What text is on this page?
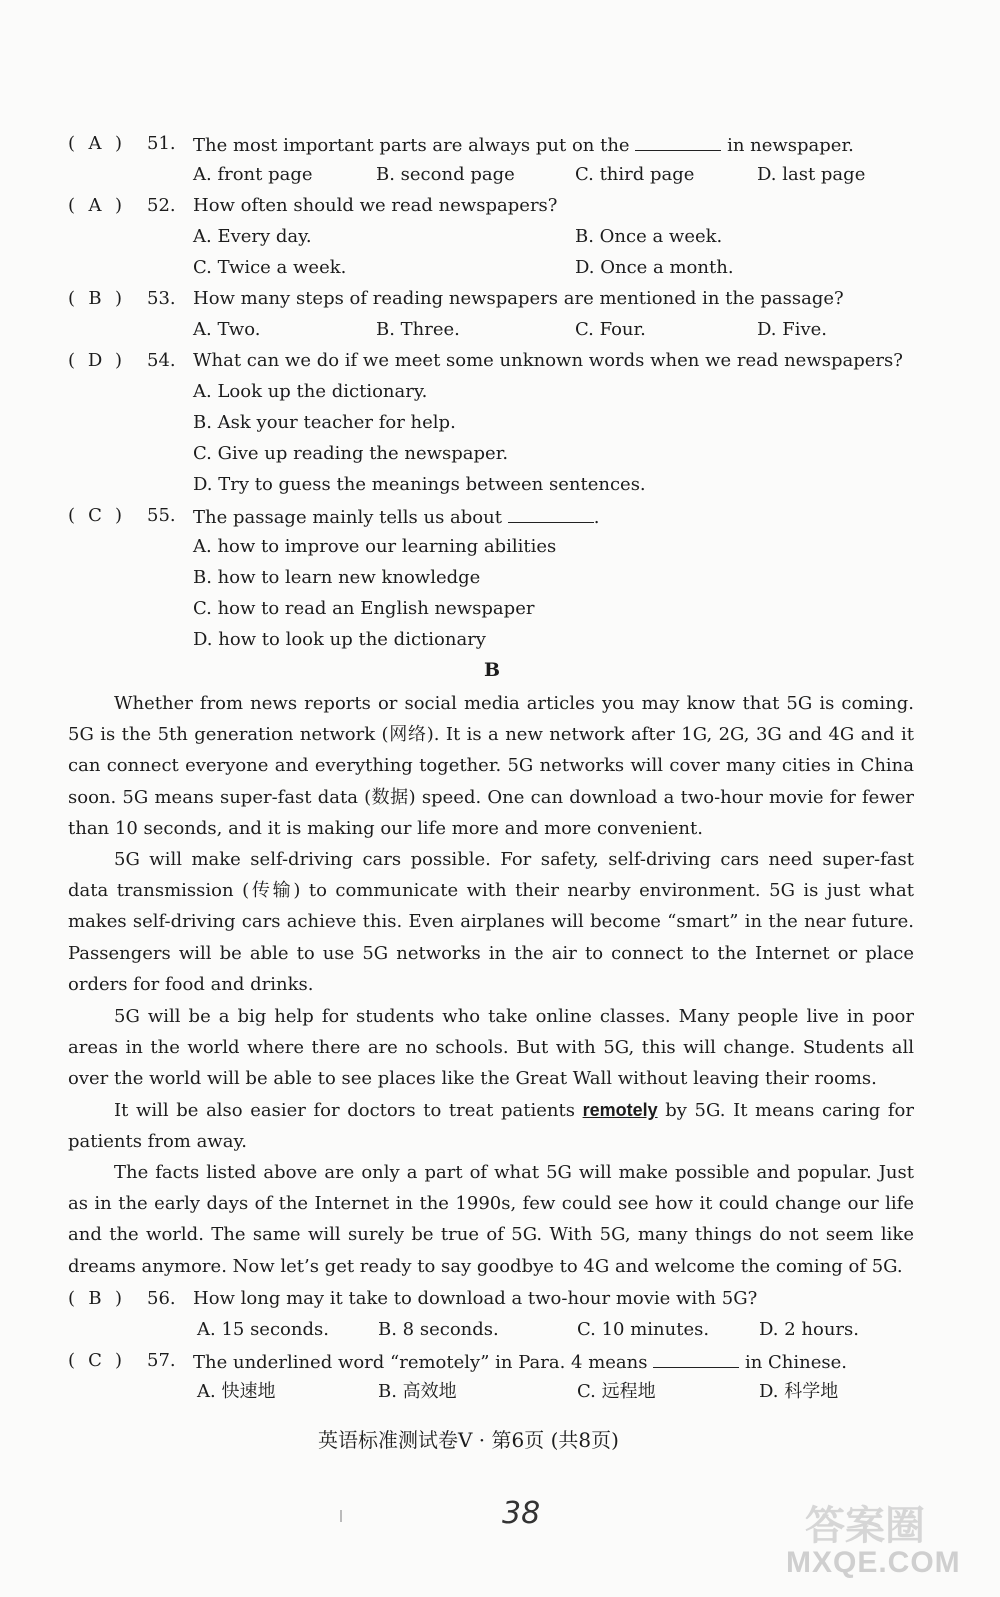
( A ) 51. The most important parts are always put on the	in newspaper.
A. front page	B. second page	C. third page	D. last page
( A ) 52. How often should we read newspapers?
A. Every day.	B. Once a week.
C. Twice a week.	D. Once a month.
( B ) 53. How many steps of reading newspapers are mentioned in the passage?
A. Two.	B. Three.	C. Four.	D. Five.
( D ) 54. What can we do if we meet some unknown words when we read newspapers?
A. Look up the dictionary.
B. Ask your teacher for help.
C. Give up reading the newspaper.
D. Try to guess the meanings between sentences.
( C ) 55. The passage mainly tells us about	.
A. how to improve our learning abilities
B. how to learn new knowledge
C. how to read an English newspaper
D. how to look up the dictionary
B
Whether from news reports or social media articles you may know that 5G is coming. 5G is the 5th generation network (网络). It is a new network after 1G, 2G, 3G and 4G and it can connect everyone and everything together. 5G networks will cover many cities in China soon. 5G means super-fast data (数据) speed. One can download a two-hour movie for fewer than 10 seconds, and it is making our life more and more convenient.
5G will make self-driving cars possible. For safety, self-driving cars need super-fast data transmission (传输) to communicate with their nearby environment. 5G is just what makes self-driving cars achieve this. Even airplanes will become “smart” in the near future. Passengers will be able to use 5G networks in the air to connect to the Internet or place orders for food and drinks.
5G will be a big help for students who take online classes. Many people live in poor areas in the world where there are no schools. But with 5G, this will change. Students all over the world will be able to see places like the Great Wall without leaving their rooms.
It will be also easier for doctors to treat patients remotely by 5G. It means caring for patients from away.
The facts listed above are only a part of what 5G will make possible and popular. Just as in the early days of the Internet in the 1990s, few could see how it could change our life and the world. The same will surely be true of 5G. With 5G, many things do not seem like dreams anymore. Now let’s get ready to say goodbye to 4G and welcome the coming of 5G.
( B ) 56. How long may it take to download a two-hour movie with 5G?
A. 15 seconds.	B. 8 seconds.	C. 10 minutes.	D. 2 hours.
( C ) 57. The underlined word “remotely” in Para. 4 means	in Chinese.
A. 快速地	B. 高效地	C. 远程地	D. 科学地
英语标准测试卷Ⅴ · 第6页 (共8页)
38	答案圈
MXQE.COM
